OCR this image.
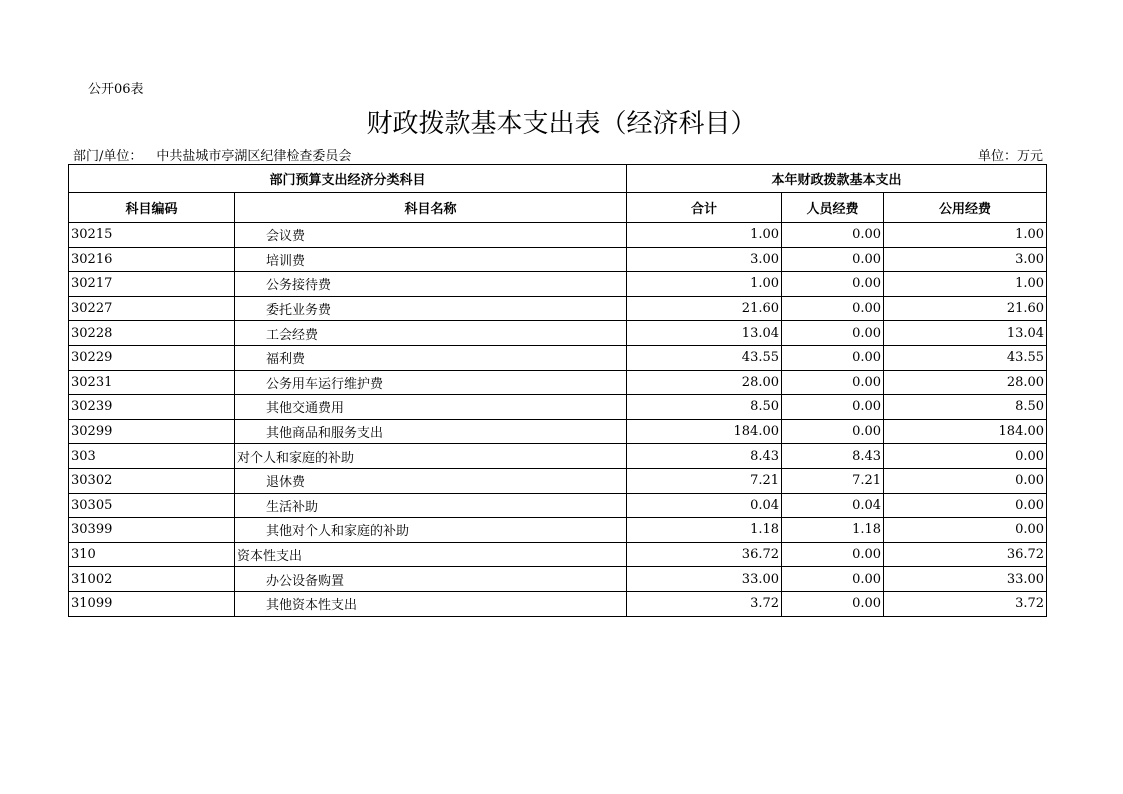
公开06表
财政拨款基本支出表（经济科目）
部门/单位： 中共盐城市亭湖区纪律检查委员会	单位：万元
部门预算支出经济分类科目		本年财政拨款基本支出		
科目编码	科目名称	合计	人员经费	公用经费
30215	会议费	1.00	0.00	1.00
30216	培训费	3.00	0.00	3.00
30217	公务接待费	1.00	0.00	1.00
30227	委托业务费	21.60	0.00	21.60
30228	工会经费	13.04	0.00	13.04
30229	福利费	43.55	0.00	43.55
30231	公务用车运行维护费	28.00	0.00	28.00
30239	其他交通费用	8.50	0.00	8.50
30299	其他商品和服务支出	184.00	0.00	184.00
303	对个人和家庭的补助	8.43	8.43	0.00
30302	退休费	7.21	7.21	0.00
30305	生活补助	0.04	0.04	0.00
30399	其他对个人和家庭的补助	1.18	1.18	0.00
310	资本性支出	36.72	0.00	36.72
31002	办公设备购置	33.00	0.00	33.00
31099	其他资本性支出	3.72	0.00	3.72
